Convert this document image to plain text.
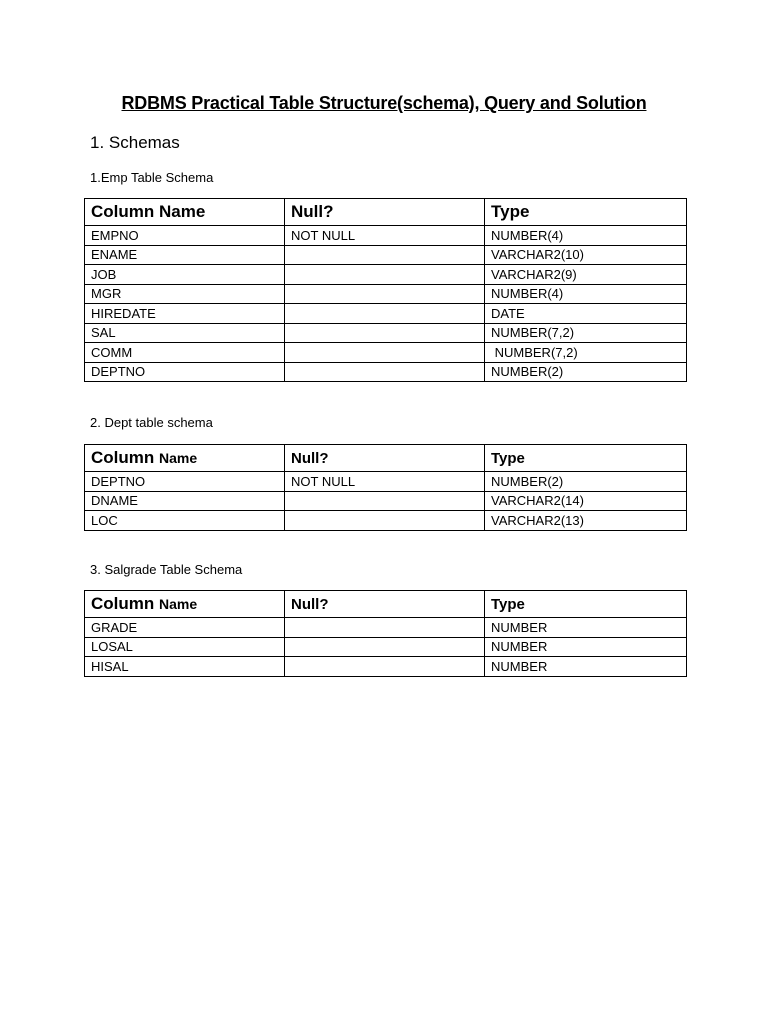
RDBMS Practical Table Structure(schema), Query and Solution
1. Schemas
1.Emp Table Schema
Column Name	Null?	Type
EMPNO	NOT NULL	NUMBER(4)
ENAME		VARCHAR2(10)
JOB		VARCHAR2(9)
MGR		NUMBER(4)
HIREDATE		DATE
SAL		NUMBER(7,2)
COMM		NUMBER(7,2)
DEPTNO		NUMBER(2)
2. Dept table schema
Column Name	Null?	Type
DEPTNO	NOT NULL	NUMBER(2)
DNAME		VARCHAR2(14)
LOC		VARCHAR2(13)
3. Salgrade Table Schema
Column Name	Null?	Type
GRADE		NUMBER
LOSAL		NUMBER
HISAL		NUMBER
